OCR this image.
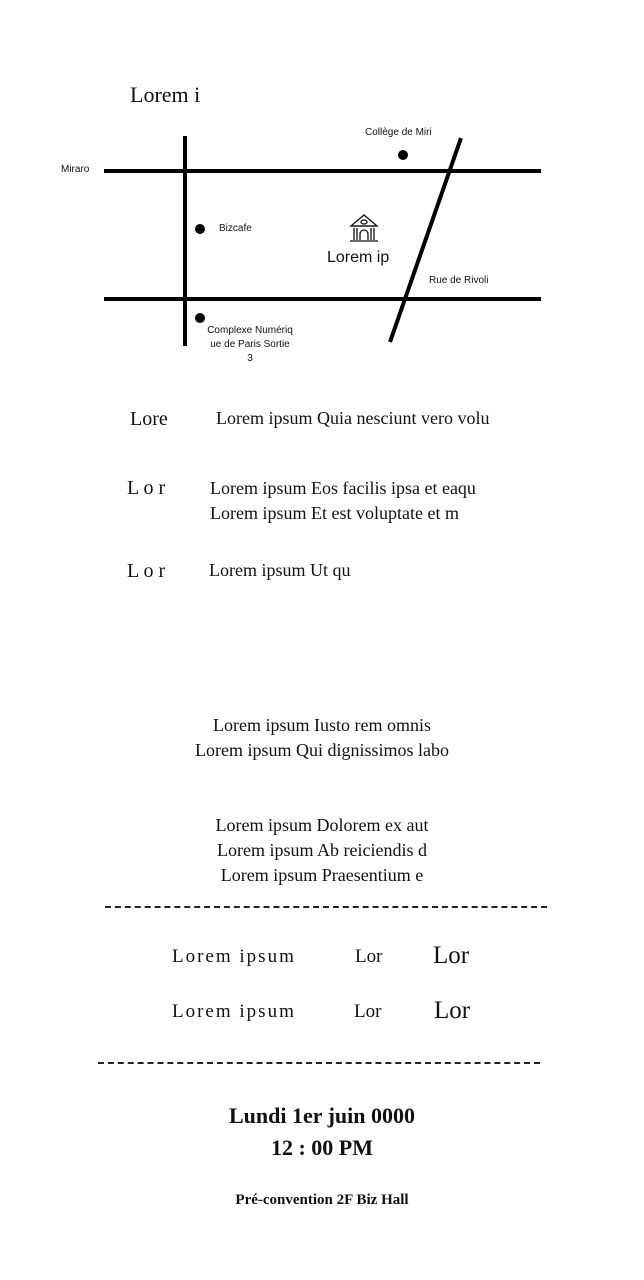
Lorem i
Collège de Miri
Miraro
Bizcafe
Lorem ip
Rue de Rivoli
Complexe Numériq
ue de Paris Sortie
3
Lore	Lorem ipsum Quia nesciunt vero volu
L o r Lorem ipsum Eos facilis ipsa et eaqu
Lorem ipsum Et est voluptate et m
L o r Lorem ipsum Ut qu
Lorem ipsum Iusto rem omnis
Lorem ipsum Qui dignissimos labo
Lorem ipsum Dolorem ex aut
Lorem ipsum Ab reiciendis d
Lorem ipsum Praesentium e
Lorem ipsum	Lor Lor
Lorem ipsum	Lor Lor
Lundi 1er juin 0000
12 : 00 PM
Pré-convention 2F Biz Hall
